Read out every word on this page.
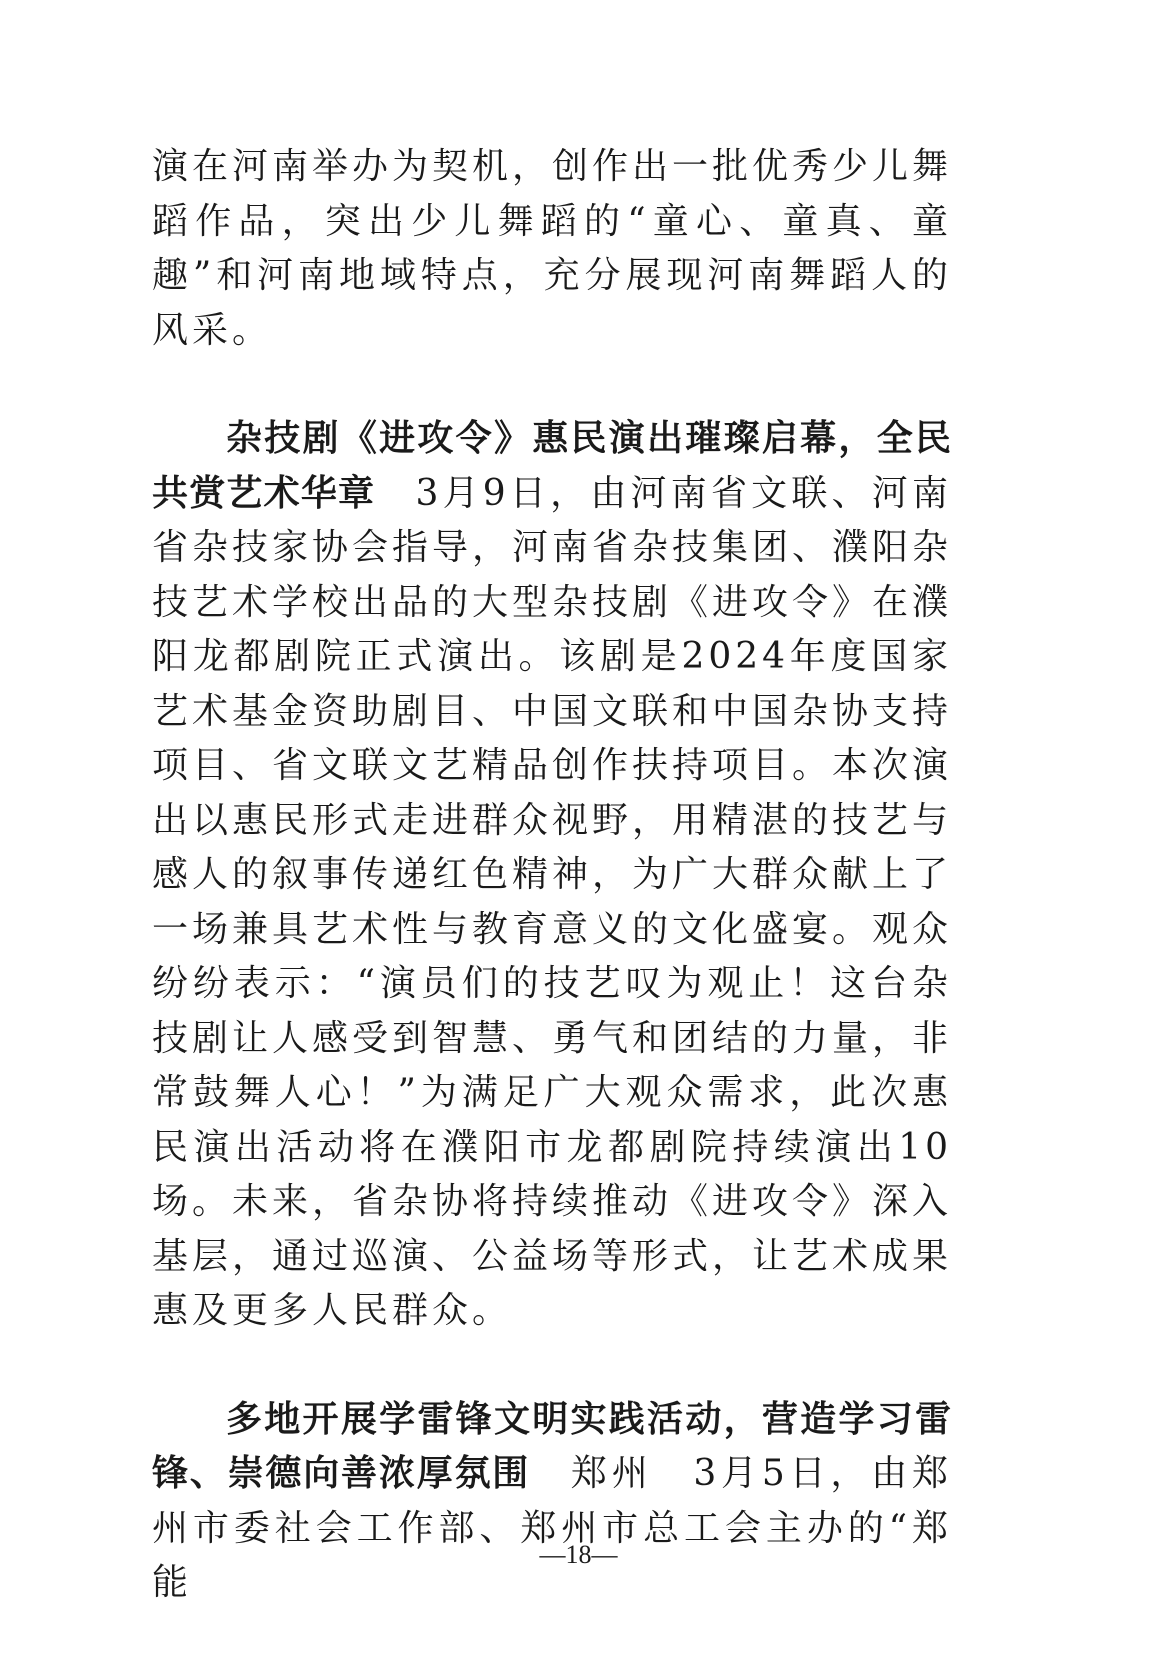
演在河南举办为契机，创作出一批优秀少儿舞蹈作品，突出少儿舞蹈的“童心、童真、童趣”和河南地域特点，充分展现河南舞蹈人的风采。

杂技剧《进攻令》惠民演出璀璨启幕，全民共赏艺术华章　3月9日，由河南省文联、河南省杂技家协会指导，河南省杂技集团、濮阳杂技艺术学校出品的大型杂技剧《进攻令》在濮阳龙都剧院正式演出。该剧是2024年度国家艺术基金资助剧目、中国文联和中国杂协支持项目、省文联文艺精品创作扶持项目。本次演出以惠民形式走进群众视野，用精湛的技艺与感人的叙事传递红色精神，为广大群众献上了一场兼具艺术性与教育意义的文化盛宴。观众纷纷表示：“演员们的技艺叹为观止！这台杂技剧让人感受到智慧、勇气和团结的力量，非常鼓舞人心！”为满足广大观众需求，此次惠民演出活动将在濮阳市龙都剧院持续演出10场。未来，省杂协将持续推动《进攻令》深入基层，通过巡演、公益场等形式，让艺术成果惠及更多人民群众。

多地开展学雷锋文明实践活动，营造学习雷锋、崇德向善浓厚氛围　郑州　3月5日，由郑州市委社会工作部、郑州市总工会主办的“郑能

—18—
